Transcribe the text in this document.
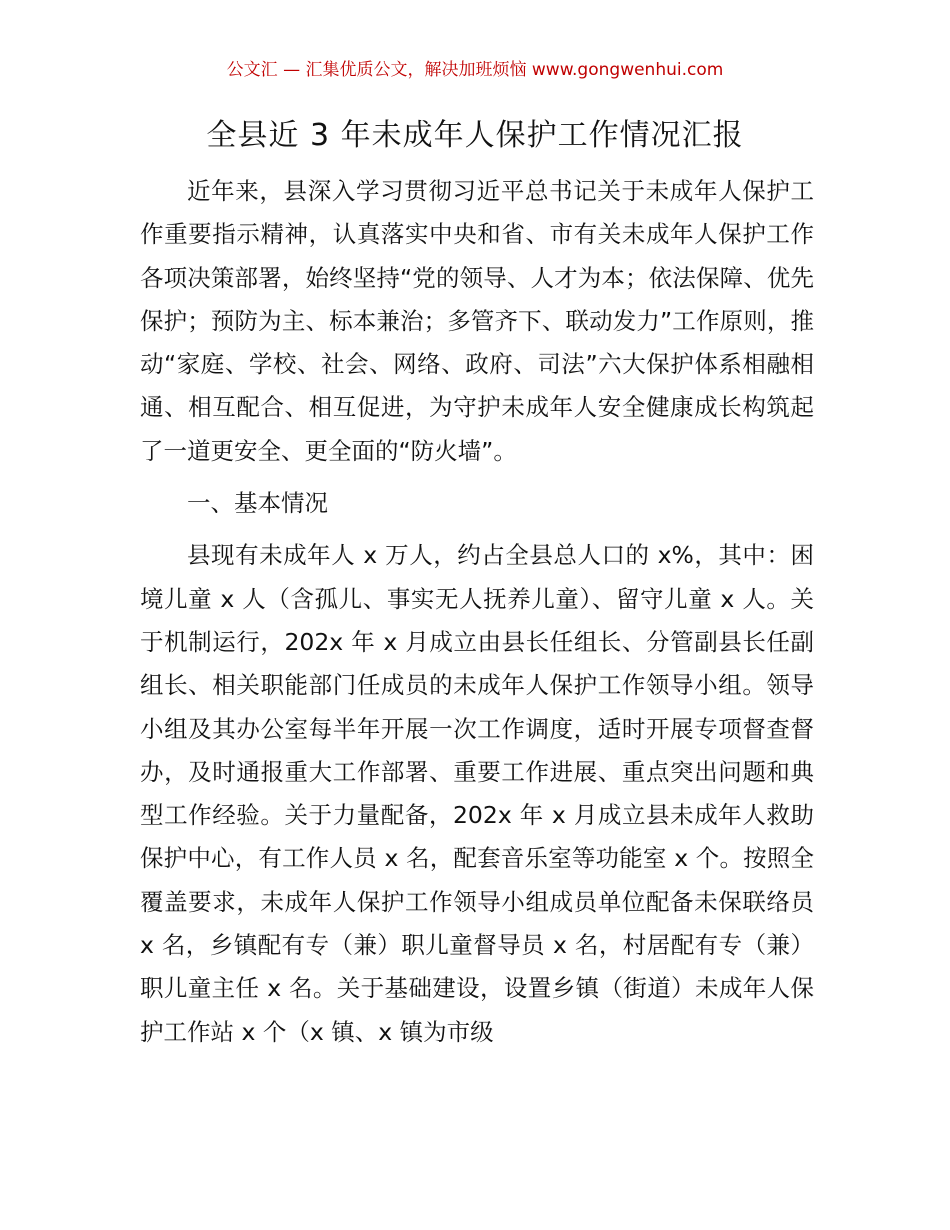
公文汇 — 汇集优质公文，解决加班烦恼 www.gongwenhui.com
全县近 3 年未成年人保护工作情况汇报

近年来，县深入学习贯彻习近平总书记关于未成年人保护工作重要指示精神，认真落实中央和省、市有关未成年人保护工作各项决策部署，始终坚持“党的领导、人才为本；依法保障、优先保护；预防为主、标本兼治；多管齐下、联动发力”工作原则，推动“家庭、学校、社会、网络、政府、司法”六大保护体系相融相通、相互配合、相互促进，为守护未成年人安全健康成长构筑起了一道更安全、更全面的“防火墙”。

一、基本情况

县现有未成年人 x 万人，约占全县总人口的 x%，其中：困境儿童 x 人（含孤儿、事实无人抚养儿童）、留守儿童 x 人。关于机制运行，202x 年 x 月成立由县长任组长、分管副县长任副组长、相关职能部门任成员的未成年人保护工作领导小组。领导小组及其办公室每半年开展一次工作调度，适时开展专项督查督办，及时通报重大工作部署、重要工作进展、重点突出问题和典型工作经验。关于力量配备，202x 年 x 月成立县未成年人救助保护中心，有工作人员 x 名，配套音乐室等功能室 x 个。按照全覆盖要求，未成年人保护工作领导小组成员单位配备未保联络员 x 名，乡镇配有专（兼）职儿童督导员 x 名，村居配有专（兼）职儿童主任 x 名。关于基础建设，设置乡镇（街道）未成年人保护工作站 x 个（x 镇、x 镇为市级
